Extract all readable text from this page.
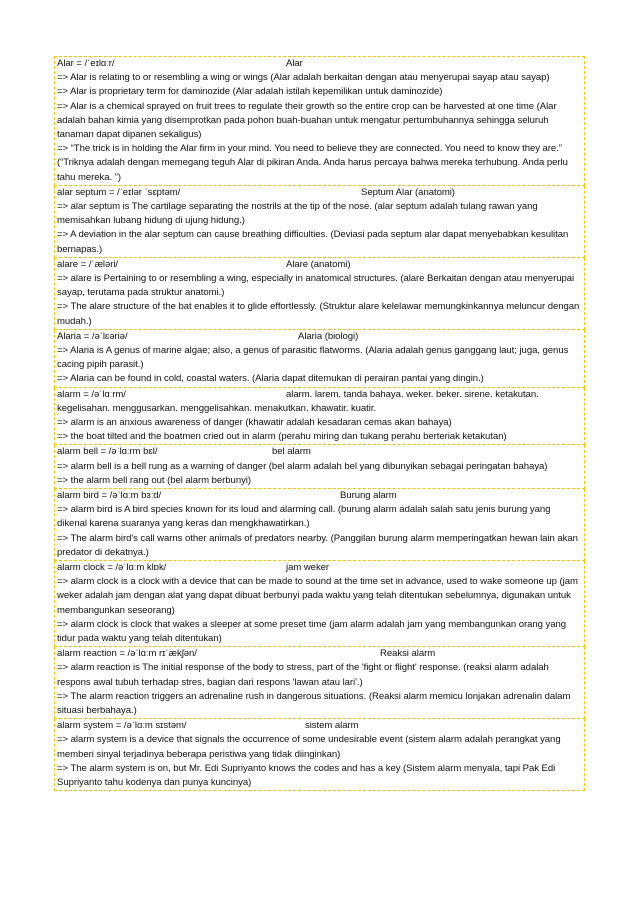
Alar = /ˈeɪlɑːr/	Alar
=> Alar is relating to or resembling a wing or wings (Alar adalah berkaitan dengan atau menyerupai sayap atau sayap)
=> Alar is proprietary term for daminozide (Alar adalah istilah kepemilikan untuk daminozide)
=> Alar is a chemical sprayed on fruit trees to regulate their growth so the entire crop can be harvested at one time (Alar adalah bahan kimia yang disemprotkan pada pohon buah-buahan untuk mengatur pertumbuhannya sehingga seluruh tanaman dapat dipanen sekaligus)
=> “The trick is in holding the Alar firm in your mind. You need to believe they are connected. You need to know they are.” (“Triknya adalah dengan memegang teguh Alar di pikiran Anda. Anda harus percaya bahwa mereka terhubung. Anda perlu tahu mereka. ”)
alar septum = /ˈeɪlər ˈsɛptəm/	Septum Alar (anatomi)
=> alar septum is The cartilage separating the nostrils at the tip of the nose. (alar septum adalah tulang rawan yang memisahkan lubang hidung di ujung hidung.)
=> A deviation in the alar septum can cause breathing difficulties. (Deviasi pada septum alar dapat menyebabkan kesulitan bernapas.)
alare = /ˈæləri/	Alare (anatomi)
=> alare is Pertaining to or resembling a wing, especially in anatomical structures. (alare Berkaitan dengan atau menyerupai sayap, terutama pada struktur anatomi.)
=> The alare structure of the bat enables it to glide effortlessly. (Struktur alare kelelawar memungkinkannya meluncur dengan mudah.)
Alaria = /əˈlɛəriə/	Alaria (biologi)
=> Alaria is A genus of marine algae; also, a genus of parasitic flatworms. (Alaria adalah genus ganggang laut; juga, genus cacing pipih parasit.)
=> Alaria can be found in cold, coastal waters. (Alaria dapat ditemukan di perairan pantai yang dingin.)
alarm = /əˈlɑːrm/	alarm. larem. tanda bahaya. weker. beker. sirene. ketakutan.
kegelisahan. menggusarkan. menggelisahkan. menakutkan. khawatir. kuatir.
=> alarm is an anxious awareness of danger (khawatir adalah kesadaran cemas akan bahaya)
=> the boat tilted and the boatmen cried out in alarm (perahu miring dan tukang perahu berteriak ketakutan)
alarm bell = /əˈlɑːrm bɛl/	bel alarm
=> alarm bell is a bell rung as a warning of danger (bel alarm adalah bel yang dibunyikan sebagai peringatan bahaya)
=> the alarm bell rang out (bel alarm berbunyi)
alarm bird = /əˈlɑːm bɜːd/	Burung alarm
=> alarm bird is A bird species known for its loud and alarming call. (burung alarm adalah salah satu jenis burung yang dikenal karena suaranya yang keras dan mengkhawatirkan.)
=> The alarm bird's call warns other animals of predators nearby. (Panggilan burung alarm memperingatkan hewan lain akan predator di dekatnya.)
alarm clock = /əˈlɑːm klɒk/	jam weker
=> alarm clock is a clock with a device that can be made to sound at the time set in advance, used to wake someone up (jam weker adalah jam dengan alat yang dapat dibuat berbunyi pada waktu yang telah ditentukan sebelumnya, digunakan untuk membangunkan seseorang)
=> alarm clock is clock that wakes a sleeper at some preset time (jam alarm adalah jam yang membangunkan orang yang tidur pada waktu yang telah ditentukan)
alarm reaction = /əˈlɑːm rɪˈækʃən/	Reaksi alarm
=> alarm reaction is The initial response of the body to stress, part of the 'fight or flight' response. (reaksi alarm adalah respons awal tubuh terhadap stres, bagian dari respons 'lawan atau lari'.)
=> The alarm reaction triggers an adrenaline rush in dangerous situations. (Reaksi alarm memicu lonjakan adrenalin dalam situasi berbahaya.)
alarm system = /əˈlɑːm sɪstəm/	sistem alarm
=> alarm system is a device that signals the occurrence of some undesirable event (sistem alarm adalah perangkat yang memberi sinyal terjadinya beberapa peristiwa yang tidak diinginkan)
=> The alarm system is on, but Mr. Edi Supriyanto knows the codes and has a key (Sistem alarm menyala, tapi Pak Edi Supriyanto tahu kodenya dan punya kuncinya)
